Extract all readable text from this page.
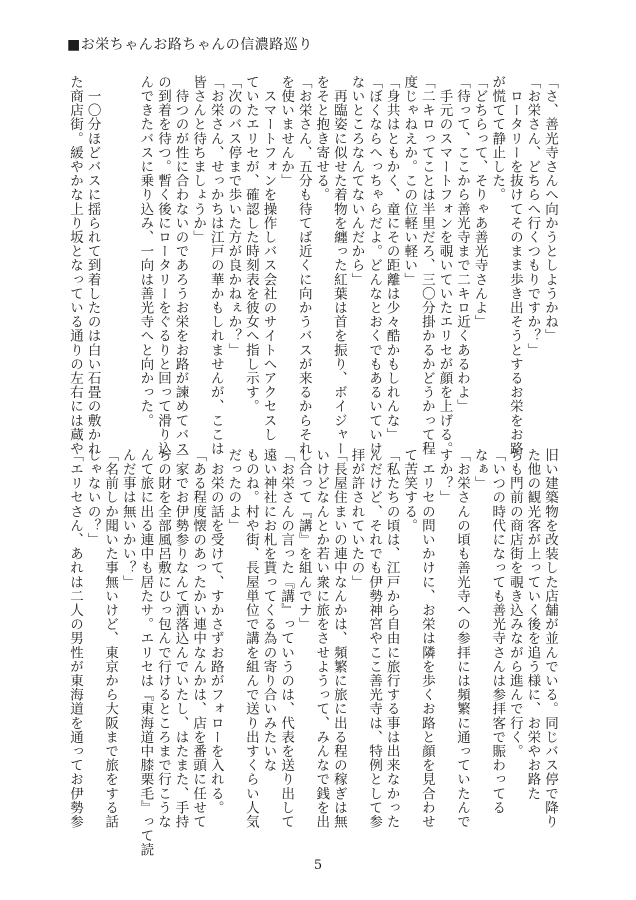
■お栄ちゃんお路ちゃんの信濃路巡り

「さ、善光寺さんへ向かうとしようかね」

「お栄さん、どちらへ行くつもりですか？」

　ロータリーを抜けてそのまま歩き出そうとするお栄をお路

が慌てて静止した。

「どちらって、そりゃあ善光寺さんよ」

「待って、ここから善光寺まで二キロ近くあるわよ」

　手元のスマートフォンを覗いていたエリセが顔を上げる。

「二キロってことは半里だろ、三〇分掛かるかどうかって程

度じゃねえか。この位軽い軽い」

「身共はともかく、童にその距離は少々酷かもしれんな」

「ぼくならへっちゃらだよ。どんなとおくでもあるいていけ

ないところなんてないんだから」

　再臨姿に似せた着物を纏った紅葉は首を振り、ボイジャー

をそと抱き寄せる。

「お栄さん、五分も待てば近くに向かうバスが来るからそれ

を使いませんか」

　スマートフォンを操作しバス会社のサイトへアクセスし

ていたエリセが、確認した時刻表を彼女へ指し示す。

「次のバス停まで歩いた方が良かねぇか？」

「お栄さん、せっかちは江戸の華かもしれませんが、ここは

皆さんと待ちましょうか」

　待つのが性に合わないのであろうお栄をお路が諫めてバス

の到着を待つ。暫く後にロータリーをぐるりと回って滑り込

んできたバスに乗り込み、一向は善光寺へと向かった。

　一〇分ほどバスに揺られて到着したのは白い石畳の敷かれ

た商店街。緩やかな上り坂となっている通りの左右には蔵や

旧い建築物を改装した店舗が並んでいる。同じバス停で降り

た他の観光客が上っていく後を追う様に、お栄やお路た

ちも門前の商店街を覗き込みながら進んで行く。

「いつの時代になっても善光寺さんは参拝客で賑わってる

なぁ」

「お栄さんの頃も善光寺への参拝には頻繁に通っていたんで

すか？」

　エリセの問いかけに、お栄は隣を歩くお路と顔を見合わせ

て苦笑する。

「私たちの頃は、江戸から自由に旅行する事は出来なかった

んだけど、それでも伊勢神宮やここ善光寺は、特例として参

拝が許されていたの」

「長屋住まいの連中なんかは、頻繁に旅に出る程の稼ぎは無

いけどなんとか若い衆に旅をさせようって、みんなで銭を出

し合って『講』を組んでナ」

「お栄さんの言った『講』っていうのは、代表を送り出して

遠い神社にお札を貰ってくる為の寄り合いみたいな

ものね。村や街、長屋単位で講を組んで送り出すくらい人気

だったのよ」

　お栄の話を受けて、すかさずお路がフォローを入れる。

「ある程度懐のあったかい連中なんかは、店を番頭に任せて

一家でお伊勢参りなんて洒落込んでいたし、はたまた、手持

ちの財を全部風呂敷にひっ包んで行けるところまで行こうな

んて旅に出る連中も居たサ。エリセは『東海道中膝栗毛』って読

んだ事は無いかい？」

「名前しか聞いた事無いけど、東京から大阪まで旅をする話

じゃないの？」

「エリセさん、あれは二人の男性が東海道を通ってお伊勢参

5
